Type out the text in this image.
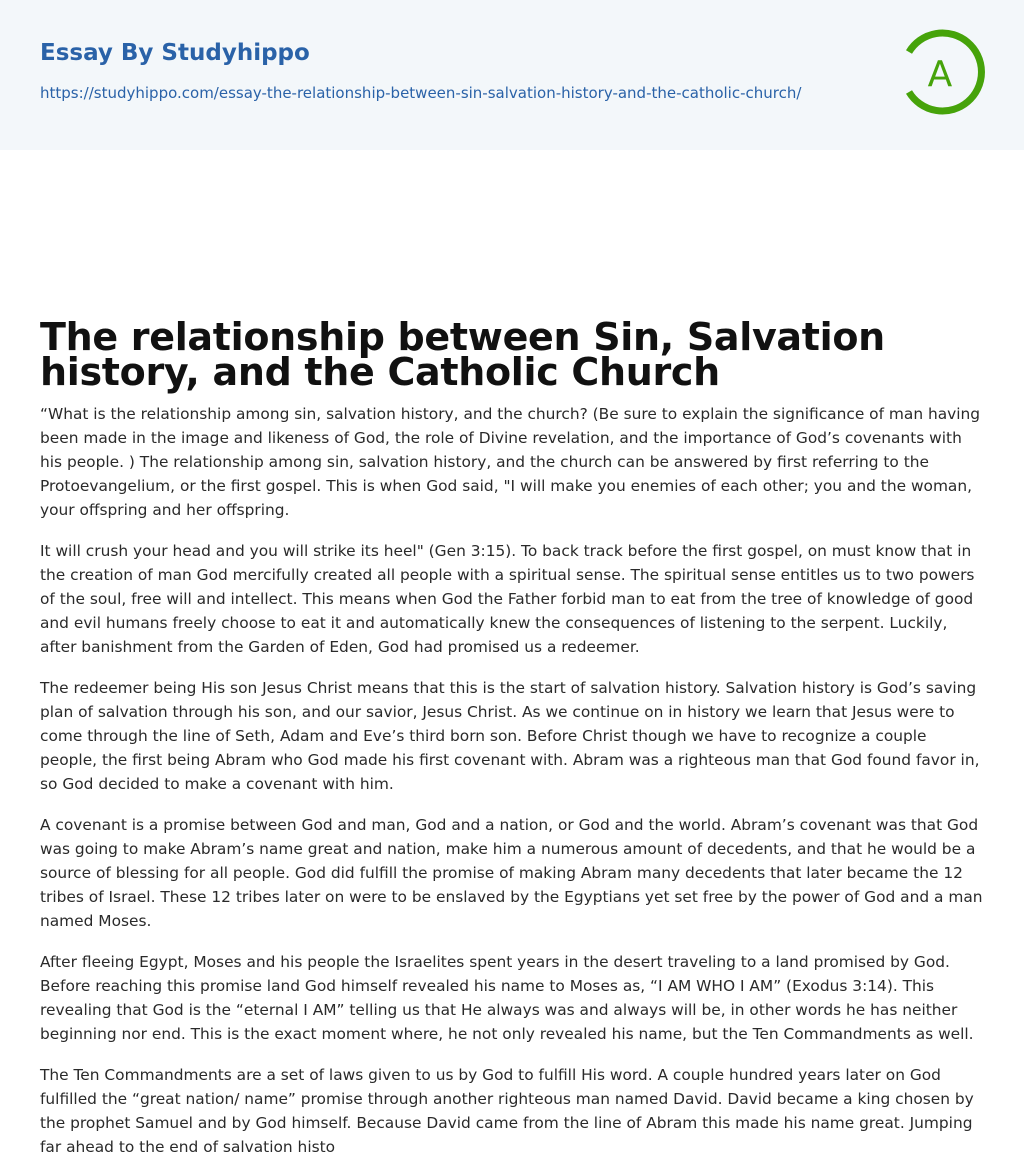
Essay By Studyhippo
https://studyhippo.com/essay-the-relationship-between-sin-salvation-history-and-the-catholic-church/	A
The relationship between Sin, Salvation history, and the Catholic Church

“What is the relationship among sin, salvation history, and the church? (Be sure to explain the significance of man having been made in the image and likeness of God, the role of Divine revelation, and the importance of God’s covenants with his people. ) The relationship among sin, salvation history, and the church can be answered by first referring to the Protoevangelium, or the first gospel. This is when God said, "I will make you enemies of each other; you and the woman, your offspring and her offspring.

It will crush your head and you will strike its heel" (Gen 3:15). To back track before the first gospel, on must know that in the creation of man God mercifully created all people with a spiritual sense. The spiritual sense entitles us to two powers of the soul, free will and intellect. This means when God the Father forbid man to eat from the tree of knowledge of good and evil humans freely choose to eat it and automatically knew the consequences of listening to the serpent. Luckily, after banishment from the Garden of Eden, God had promised us a redeemer.

The redeemer being His son Jesus Christ means that this is the start of salvation history. Salvation history is God’s saving plan of salvation through his son, and our savior, Jesus Christ. As we continue on in history we learn that Jesus were to come through the line of Seth, Adam and Eve’s third born son. Before Christ though we have to recognize a couple people, the first being Abram who God made his first covenant with. Abram was a righteous man that God found favor in, so God decided to make a covenant with him.

A covenant is a promise between God and man, God and a nation, or God and the world. Abram’s covenant was that God was going to make Abram’s name great and nation, make him a numerous amount of decedents, and that he would be a source of blessing for all people. God did fulfill the promise of making Abram many decedents that later became the 12 tribes of Israel. These 12 tribes later on were to be enslaved by the Egyptians yet set free by the power of God and a man named Moses.

After fleeing Egypt, Moses and his people the Israelites spent years in the desert traveling to a land promised by God. Before reaching this promise land God himself revealed his name to Moses as, “I AM WHO I AM” (Exodus 3:14). This revealing that God is the “eternal I AM” telling us that He always was and always will be, in other words he has neither beginning nor end. This is the exact moment where, he not only revealed his name, but the Ten Commandments as well.

The Ten Commandments are a set of laws given to us by God to fulfill His word. A couple hundred years later on God fulfilled the “great nation/ name” promise through another righteous man named David. David became a king chosen by the prophet Samuel and by God himself. Because David came from the line of Abram this made his name great. Jumping far ahead to the end of salvation histo
